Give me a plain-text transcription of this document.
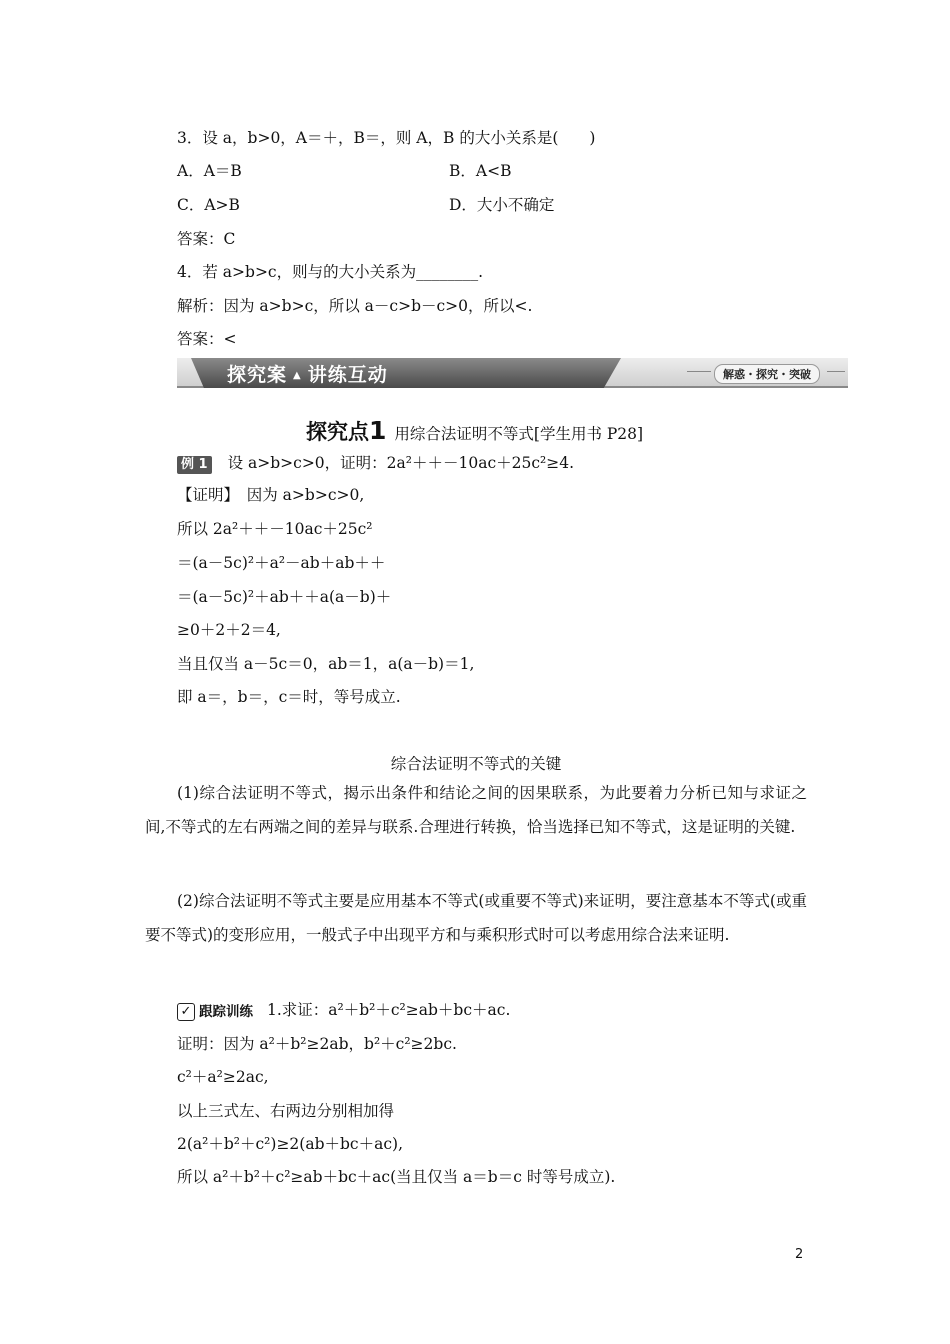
3．设 a，b>0，A＝＋，B＝，则 A，B 的大小关系是(　　)
A．A＝B	B．A<B
C．A>B	D．大小不确定
答案：C
4．若 a>b>c，则与的大小关系为________.
解析：因为 a>b>c，所以 a－c>b－c>0，所以<.
答案：<
探究案 ▲ 讲练互动	解惑・探究・突破
探究点1 用综合法证明不等式[学生用书 P28]
例 1 设 a>b>c>0，证明：2a²＋＋－10ac＋25c²≥4.
【证明】　因为 a>b>c>0,
所以 2a²＋＋－10ac＋25c²
＝(a－5c)²＋a²－ab＋ab＋＋
＝(a－5c)²＋ab＋＋a(a－b)＋
≥0＋2＋2＝4,
当且仅当 a－5c＝0，ab＝1，a(a－b)＝1,
即 a＝，b＝，c＝时，等号成立.
综合法证明不等式的关键
(1)综合法证明不等式，揭示出条件和结论之间的因果联系，为此要着力分析已知与求证之间,不等式的左右两端之间的差异与联系.合理进行转换，恰当选择已知不等式，这是证明的关键.
(2)综合法证明不等式主要是应用基本不等式(或重要不等式)来证明，要注意基本不等式(或重要不等式)的变形应用，一般式子中出现平方和与乘积形式时可以考虑用综合法来证明.
✓ 跟踪训练 1.求证：a²＋b²＋c²≥ab＋bc＋ac.
证明：因为 a²＋b²≥2ab，b²＋c²≥2bc.
c²＋a²≥2ac,
以上三式左、右两边分别相加得
2(a²＋b²＋c²)≥2(ab＋bc＋ac),
所以 a²＋b²＋c²≥ab＋bc＋ac(当且仅当 a＝b＝c 时等号成立).
2
